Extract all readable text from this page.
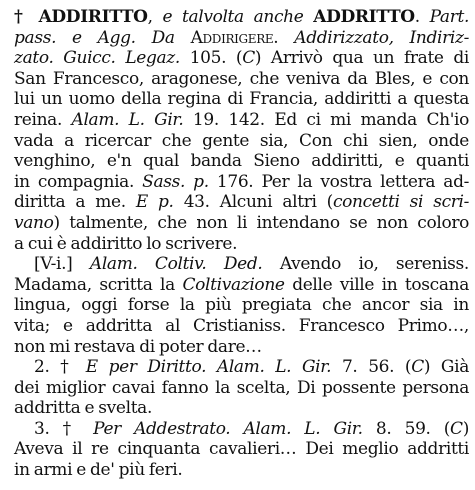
† ADDIRITTO, e talvolta anche ADDRITTO. Part.
pass. e Agg. Da Addirigere. Addirizzato, Indiriz-
zato. Guicc. Legaz. 105. (C) Arrivò qua un frate di
San Francesco, aragonese, che veniva da Bles, e con
lui un uomo della regina di Francia, addiritti a questa
reina. Alam. L. Gir. 19. 142. Ed ci mi manda Ch'io
vada a ricercar che gente sia, Con chi sien, onde
venghino, e'n qual banda Sieno addiritti, e quanti
in compagnia. Sass. p. 176. Per la vostra lettera ad-
diritta a me. E p. 43. Alcuni altri (concetti si scri-
vano) talmente, che non li intendano se non coloro
a cui è addiritto lo scrivere.
[V-i.] Alam. Coltiv. Ded. Avendo io, sereniss.
Madama, scritta la Coltivazione delle ville in toscana
lingua, oggi forse la più pregiata che ancor sia in
vita; e addritta al Cristianiss. Francesco Primo…,
non mi restava di poter dare…
2. † E per Diritto. Alam. L. Gir. 7. 56. (C) Già
dei miglior cavai fanno la scelta, Di possente persona
addritta e svelta.
3. † Per Addestrato. Alam. L. Gir. 8. 59. (C)
Aveva il re cinquanta cavalieri… Dei meglio addritti
in armi e de' più feri.
